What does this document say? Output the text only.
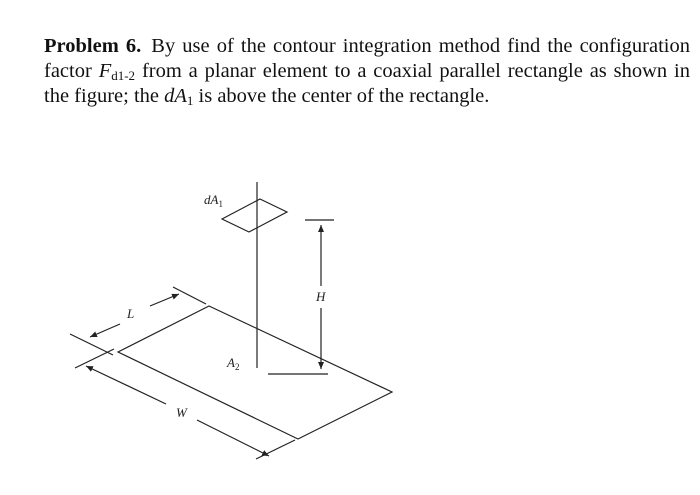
Problem 6. By use of the contour integration method find the configuration factor $F_{d1-2}$ from a planar element to a coaxial parallel rectangle as shown in the figure; the $dA_1$ is above the center of the rectangle.

$dA_1$
$A_2$
H
L
W
